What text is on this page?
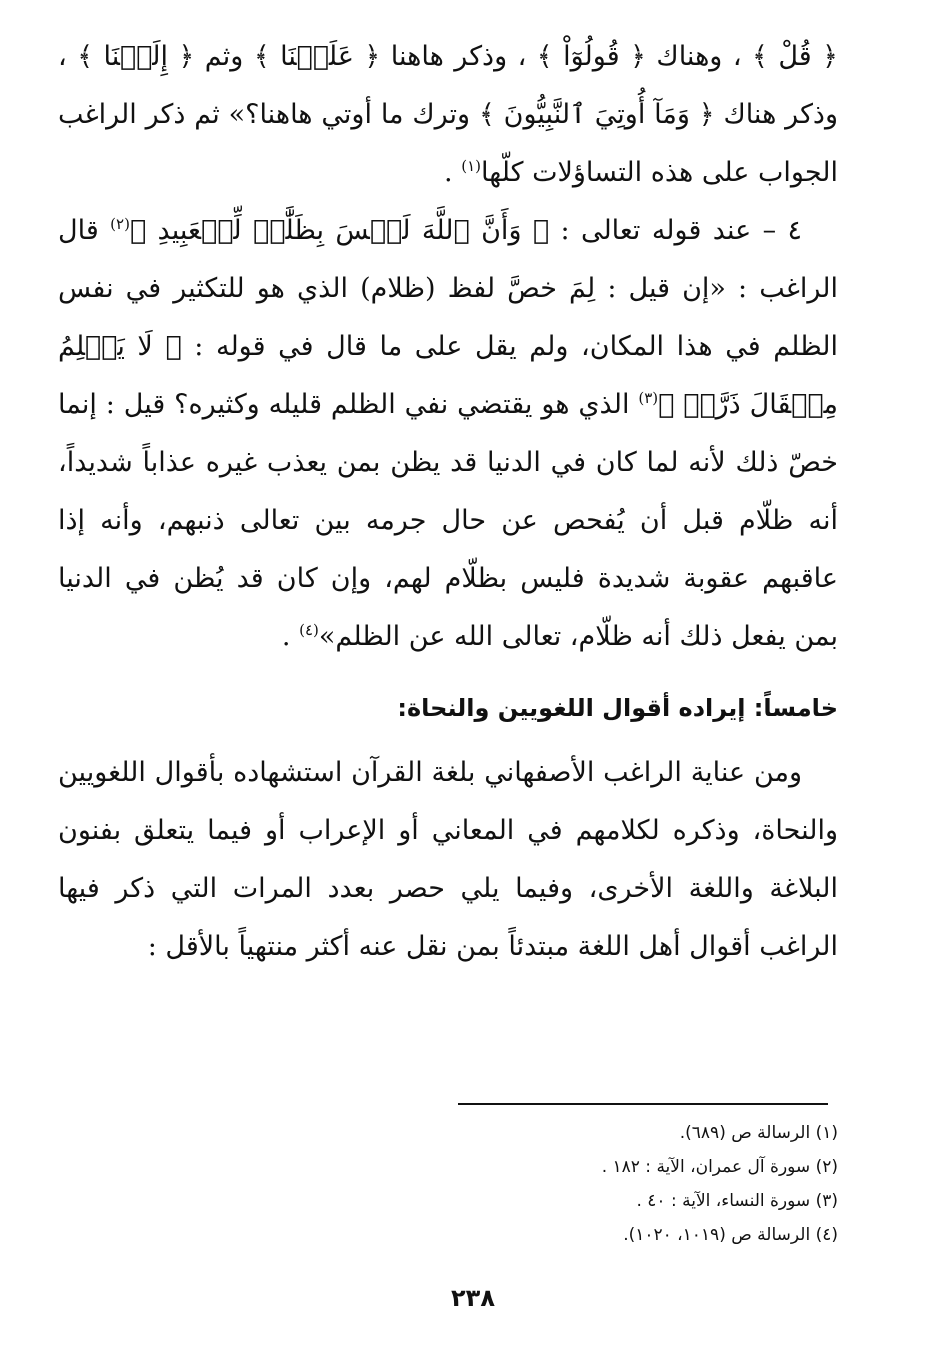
﴿ قُلْ ﴾ ، وهناك ﴿ قُولُوٓاْ ﴾ ، وذكر هاهنا ﴿ عَلَيۡنَا ﴾ وثم ﴿ إِلَيۡنَا ﴾ ، وذكر هناك ﴿ وَمَآ أُوتِيَ ٱلنَّبِيُّونَ ﴾ وترك ما أوتي هاهنا؟» ثم ذكر الراغب الجواب على هذه التساؤلات كلّها$^{(١)}$ .

٤ – عند قوله تعالى : ﴿ وَأَنَّ ٱللَّهَ لَيۡسَ بِظَلَّٰمٖ لِّلۡعَبِيدِ ﴾$^{(٢)}$ قال الراغب : «إن قيل : لِمَ خصَّ لفظ (ظلام) الذي هو للتكثير في نفس الظلم في هذا المكان، ولم يقل على ما قال في قوله : ﴿ لَا يَظۡلِمُ مِثۡقَالَ ذَرَّةٖ ﴾$^{(٣)}$ الذي هو يقتضي نفي الظلم قليله وكثيره؟ قيل : إنما خصّ ذلك لأنه لما كان في الدنيا قد يظن بمن يعذب غيره عذاباً شديداً، أنه ظلّام قبل أن يُفحص عن حال جرمه بين تعالى ذنبهم، وأنه إذا عاقبهم عقوبة شديدة فليس بظلّام لهم، وإن كان قد يُظن في الدنيا بمن يفعل ذلك أنه ظلّام، تعالى الله عن الظلم»$^{(٤)}$ .

خامساً: إيراده أقوال اللغويين والنحاة:

ومن عناية الراغب الأصفهاني بلغة القرآن استشهاده بأقوال اللغويين والنحاة، وذكره لكلامهم في المعاني أو الإعراب أو فيما يتعلق بفنون البلاغة واللغة الأخرى، وفيما يلي حصر بعدد المرات التي ذكر فيها الراغب أقوال أهل اللغة مبتدئاً بمن نقل عنه أكثر منتهياً بالأقل :

(١) الرسالة ص (٦٨٩).
(٢) سورة آل عمران، الآية : ١٨٢ .
(٣) سورة النساء، الآية : ٤٠ .
(٤) الرسالة ص (١٠١٩، ١٠٢٠).
٢٣٨
